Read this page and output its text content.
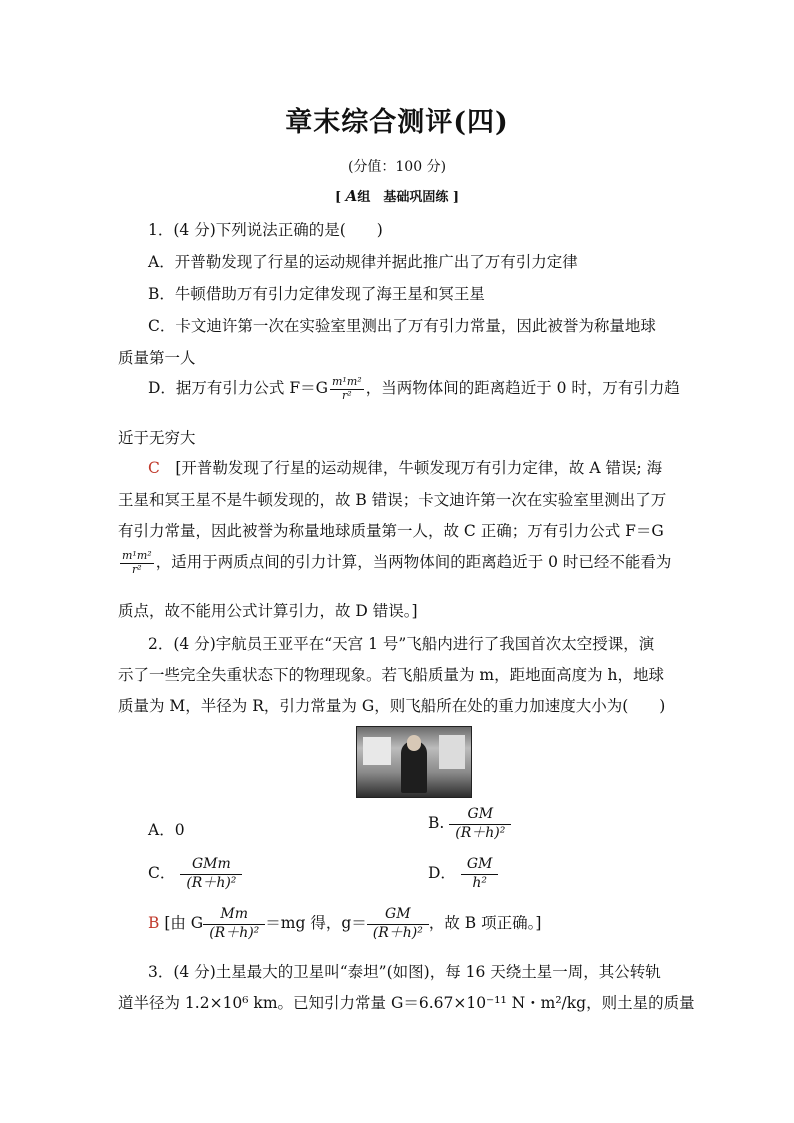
章末综合测评(四)
(分值：100 分)
[ A组　基础巩固练 ]
1．(4 分)下列说法正确的是(　　)
A．开普勒发现了行星的运动规律并据此推广出了万有引力定律
B．牛顿借助万有引力定律发现了海王星和冥王星
C．卡文迪许第一次在实验室里测出了万有引力常量，因此被誉为称量地球
质量第一人
D．据万有引力公式 $F=G \frac{\text{m¹m²}}{\text{r²}}$ ，当两物体间的距离趋近于 0 时，万有引力趋
近于无穷大
C　[开普勒发现了行星的运动规律，牛顿发现万有引力定律，故 A 错误; 海
王星和冥王星不是牛顿发现的，故 B 错误；卡文迪许第一次在实验室里测出了万
有引力常量，因此被誉为称量地球质量第一人，故 C 正确；万有引力公式 F＝G
$\frac{\text{m¹m²}}{\text{r²}}$ ，适用于两质点间的引力计算，当两物体间的距离趋近于 0 时已经不能看为
质点，故不能用公式计算引力，故 D 错误。]
2．(4 分)宇航员王亚平在“天宫 1 号”飞船内进行了我国首次太空授课，演
示了一些完全失重状态下的物理现象。若飞船质量为 m，距地面高度为 h，地球
质量为 M，半径为 R，引力常量为 G，则飞船所在处的重力加速度大小为(　　)
A．0	B. $\frac{GM}{\text{(R＋h)²}}$
C． $\frac{\text{GMm}}{\text{(R＋h)²}}$	D． $\frac{GM}{\text{h²}}$
B [由 G $\frac{Mm}{\text{(R＋h)²}} =mg$ 得，$g= \frac{GM}{\text{(R＋h)²}}$ ，故 B 项正确。]
3．(4 分)土星最大的卫星叫“泰坦”(如图)，每 16 天绕土星一周，其公转轨
道半径为 1.2×10⁶ km。已知引力常量 G＝6.67×10⁻¹¹ N・m²/kg，则土星的质量
